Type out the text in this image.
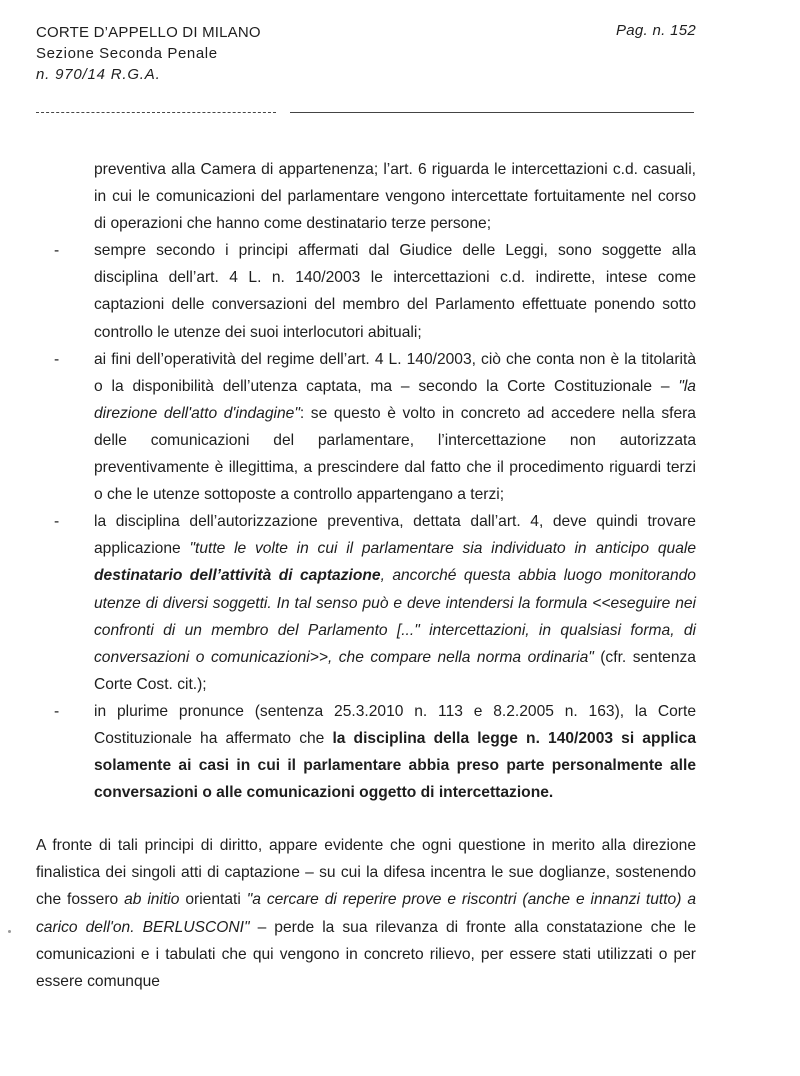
CORTE D’APPELLO DI MILANO
Sezione Seconda Penale
n. 970/14 R.G.A.
Pag. n. 152
preventiva alla Camera di appartenenza; l’art. 6 riguarda le intercettazioni c.d. casuali, in cui le comunicazioni del parlamentare vengono intercettate fortuitamente nel corso di operazioni che hanno come destinatario terze persone;
- sempre secondo i principi affermati dal Giudice delle Leggi, sono soggette alla disciplina dell’art. 4 L. n. 140/2003 le intercettazioni c.d. indirette, intese come captazioni delle conversazioni del membro del Parlamento effettuate ponendo sotto controllo le utenze dei suoi interlocutori abituali;
- ai fini dell’operatività del regime dell’art. 4 L. 140/2003, ciò che conta non è la titolarità o la disponibilità dell’utenza captata, ma – secondo la Corte Costituzionale – "la direzione dell'atto d'indagine": se questo è volto in concreto ad accedere nella sfera delle comunicazioni del parlamentare, l’intercettazione non autorizzata preventivamente è illegittima, a prescindere dal fatto che il procedimento riguardi terzi o che le utenze sottoposte a controllo appartengano a terzi;
- la disciplina dell’autorizzazione preventiva, dettata dall’art. 4, deve quindi trovare applicazione "tutte le volte in cui il parlamentare sia individuato in anticipo quale destinatario dell’attività di captazione, ancorché questa abbia luogo monitorando utenze di diversi soggetti. In tal senso può e deve intendersi la formula <<eseguire nei confronti di un membro del Parlamento [..." intercettazioni, in qualsiasi forma, di conversazioni o comunicazioni>>, che compare nella norma ordinaria" (cfr. sentenza Corte Cost. cit.);
- in plurime pronunce (sentenza 25.3.2010 n. 113 e 8.2.2005 n. 163), la Corte Costituzionale ha affermato che la disciplina della legge n. 140/2003 si applica solamente ai casi in cui il parlamentare abbia preso parte personalmente alle conversazioni o alle comunicazioni oggetto di intercettazione.
A fronte di tali principi di diritto, appare evidente che ogni questione in merito alla direzione finalistica dei singoli atti di captazione – su cui la difesa incentra le sue doglianze, sostenendo che fossero ab initio orientati "a cercare di reperire prove e riscontri (anche e innanzi tutto) a carico dell'on. BERLUSCONI" – perde la sua rilevanza di fronte alla constatazione che le comunicazioni e i tabulati che qui vengono in concreto rilievo, per essere stati utilizzati o per essere comunque
